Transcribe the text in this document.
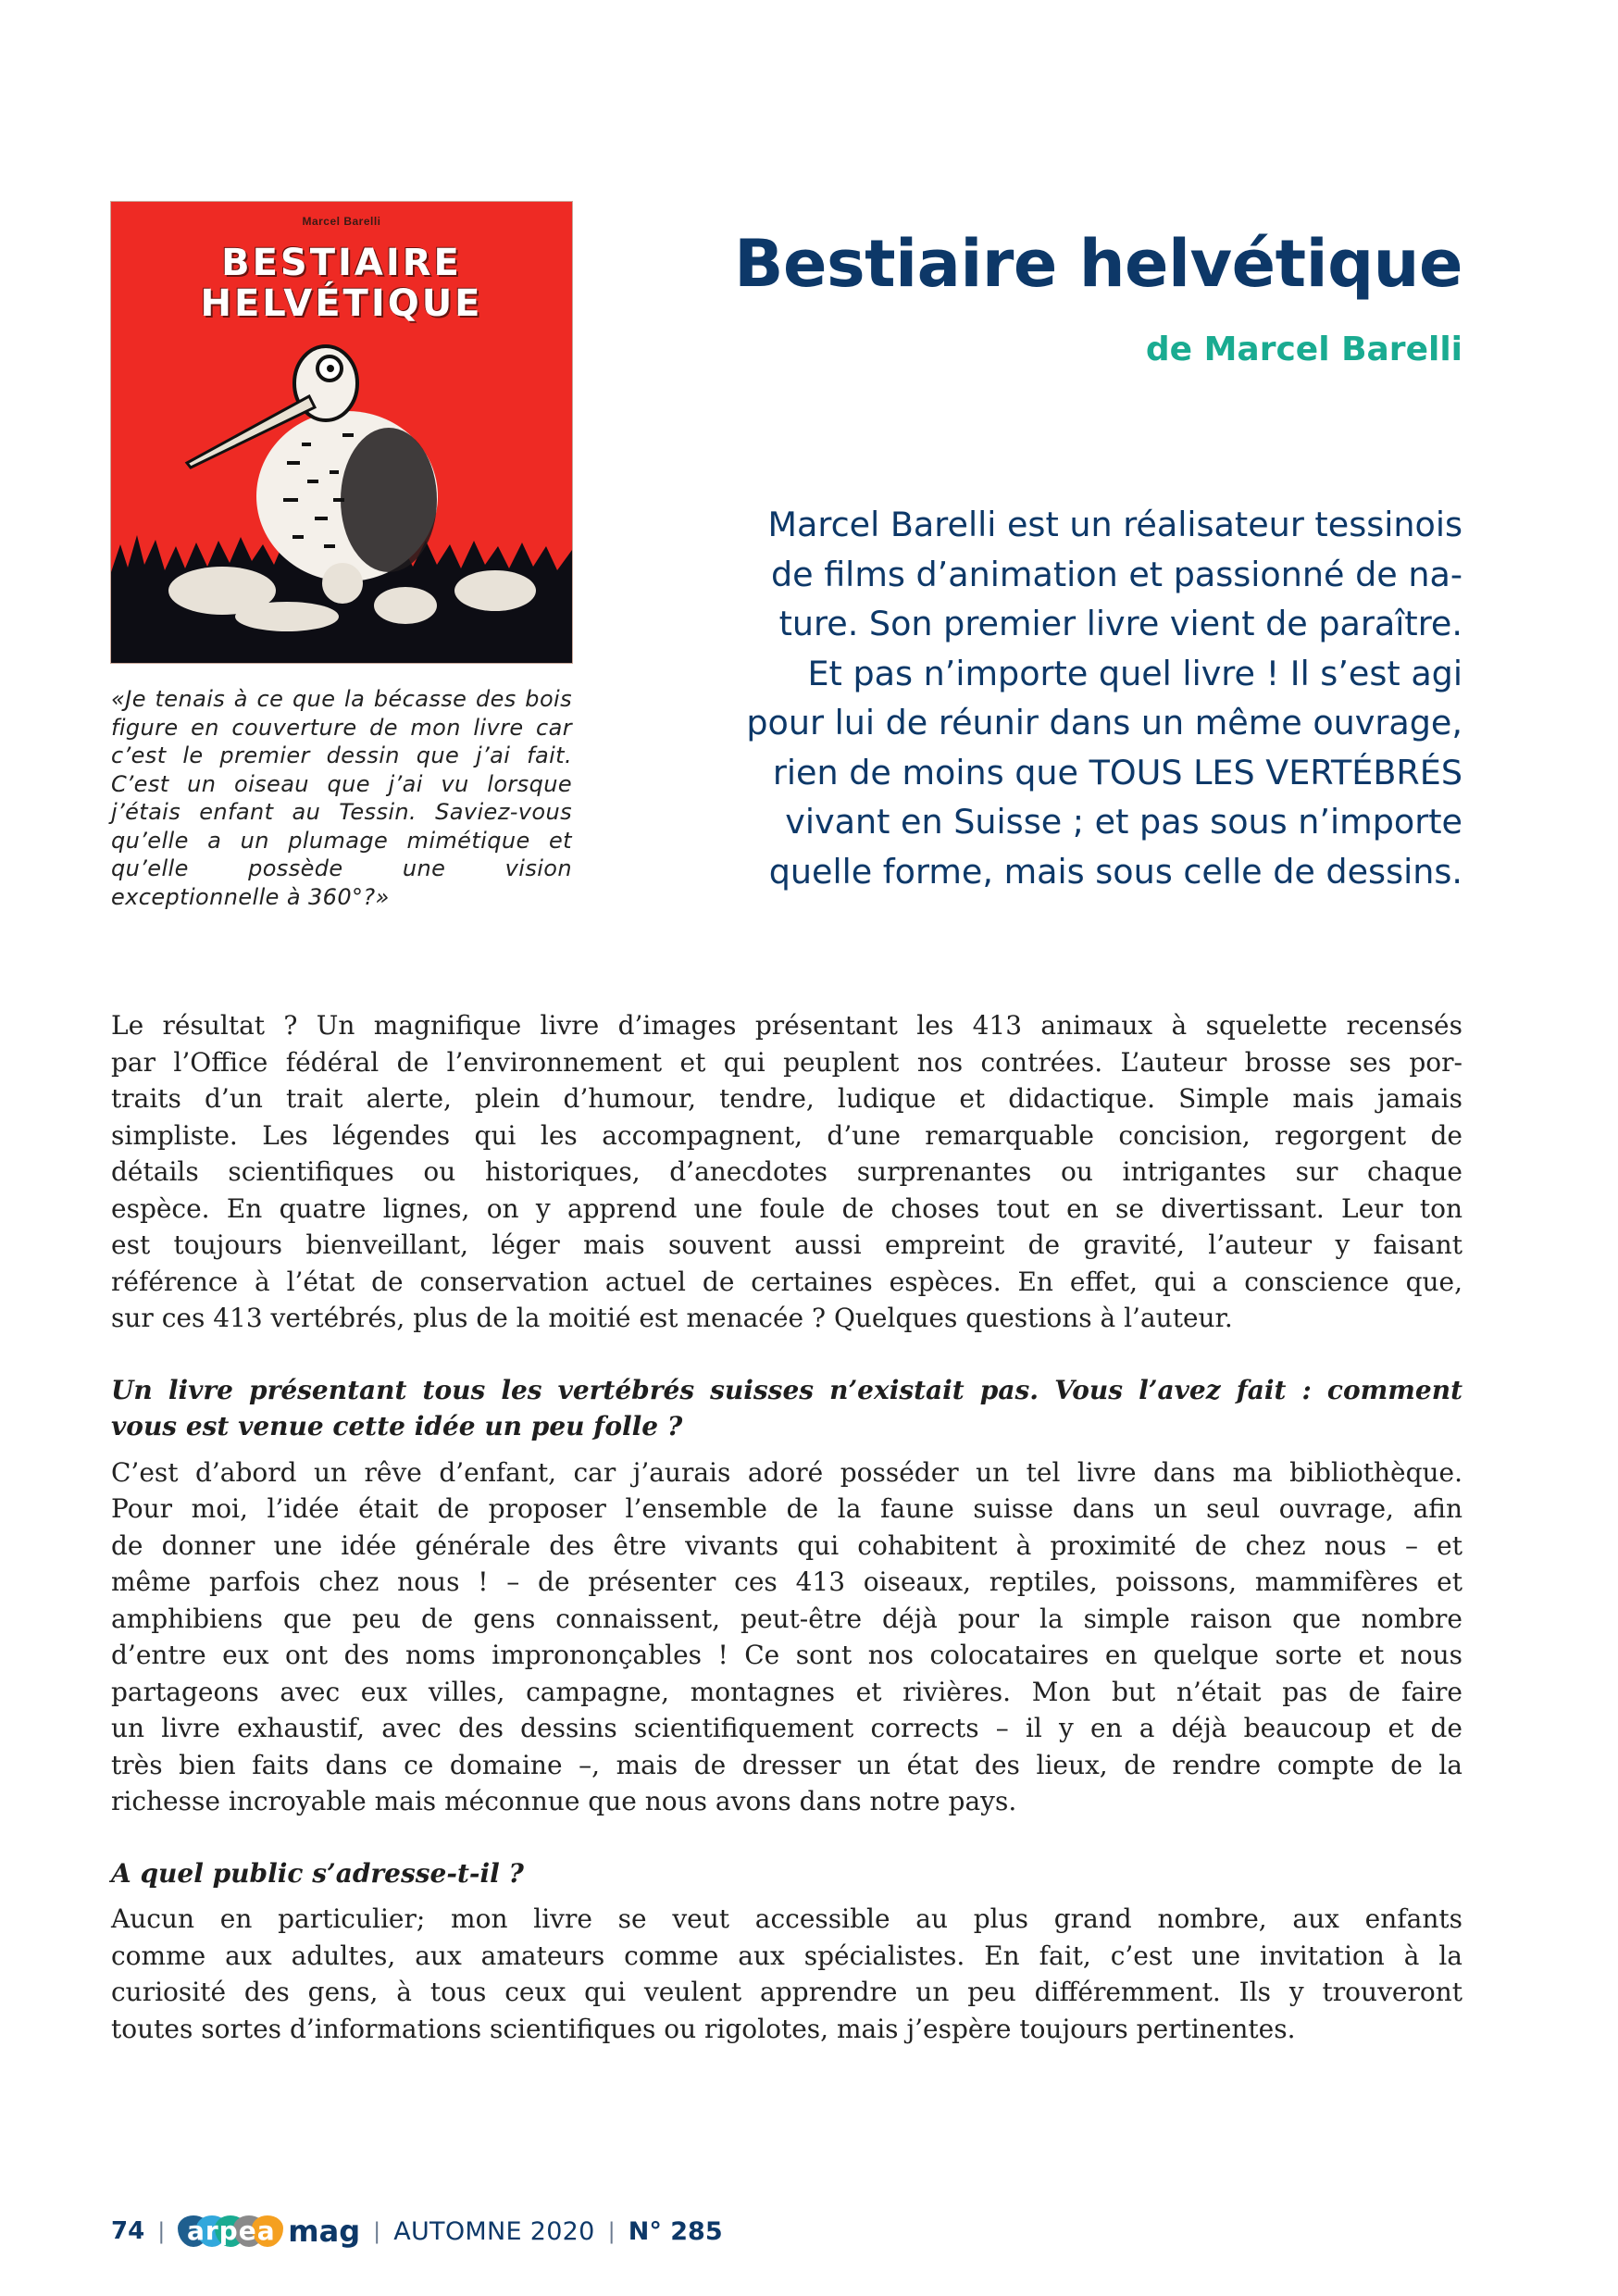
Marcel Barelli
BESTIAIRE
HELVÉTIQUE
«Je tenais à ce que la bécasse des bois figure en couverture de mon livre car c’est le premier dessin que j’ai fait. C’est un oiseau que j’ai vu lorsque j’étais enfant au Tessin. Saviez-vous qu’elle a un plumage mimétique et qu’elle possède une vision exceptionnelle à 360°?»
Bestiaire helvétique
de Marcel Barelli
Marcel Barelli est un réalisateur tessinois
de films d’animation et passionné de na-
ture. Son premier livre vient de paraître.
Et pas n’importe quel livre ! Il s’est agi
pour lui de réunir dans un même ouvrage,
rien de moins que TOUS LES VERTÉBRÉS
vivant en Suisse ; et pas sous n’importe
quelle forme, mais sous celle de dessins.
Le résultat ? Un magnifique livre d’images présentant les 413 animaux à squelette recensés
par l’Office fédéral de l’environnement et qui peuplent nos contrées. L’auteur brosse ses por-
traits d’un trait alerte, plein d’humour, tendre, ludique et didactique. Simple mais jamais
simpliste. Les légendes qui les accompagnent, d’une remarquable concision, regorgent de
détails scientifiques ou historiques, d’anecdotes surprenantes ou intrigantes sur chaque
espèce. En quatre lignes, on y apprend une foule de choses tout en se divertissant. Leur ton
est toujours bienveillant, léger mais souvent aussi empreint de gravité, l’auteur y faisant
référence à l’état de conservation actuel de certaines espèces. En effet, qui a conscience que,
sur ces 413 vertébrés, plus de la moitié est menacée ? Quelques questions à l’auteur.
Un livre présentant tous les vertébrés suisses n’existait pas. Vous l’avez fait : comment
vous est venue cette idée un peu folle ?
C’est d’abord un rêve d’enfant, car j’aurais adoré posséder un tel livre dans ma bibliothèque.
Pour moi, l’idée était de proposer l’ensemble de la faune suisse dans un seul ouvrage, afin
de donner une idée générale des être vivants qui cohabitent à proximité de chez nous – et
même parfois chez nous ! – de présenter ces 413 oiseaux, reptiles, poissons, mammifères et
amphibiens que peu de gens connaissent, peut-être déjà pour la simple raison que nombre
d’entre eux ont des noms imprononçables ! Ce sont nos colocataires en quelque sorte et nous
partageons avec eux villes, campagne, montagnes et rivières. Mon but n’était pas de faire
un livre exhaustif, avec des dessins scientifiquement corrects – il y en a déjà beaucoup et de
très bien faits dans ce domaine –, mais de dresser un état des lieux, de rendre compte de la
richesse incroyable mais méconnue que nous avons dans notre pays.
A quel public s’adresse-t-il ?
Aucun en particulier; mon livre se veut accessible au plus grand nombre, aux enfants
comme aux adultes, aux amateurs comme aux spécialistes. En fait, c’est une invitation à la
curiosité des gens, à tous ceux qui veulent apprendre un peu différemment. Ils y trouveront
toutes sortes d’informations scientifiques ou rigolotes, mais j’espère toujours pertinentes.
74 | arpea mag | AUTOMNE 2020 | N° 285
